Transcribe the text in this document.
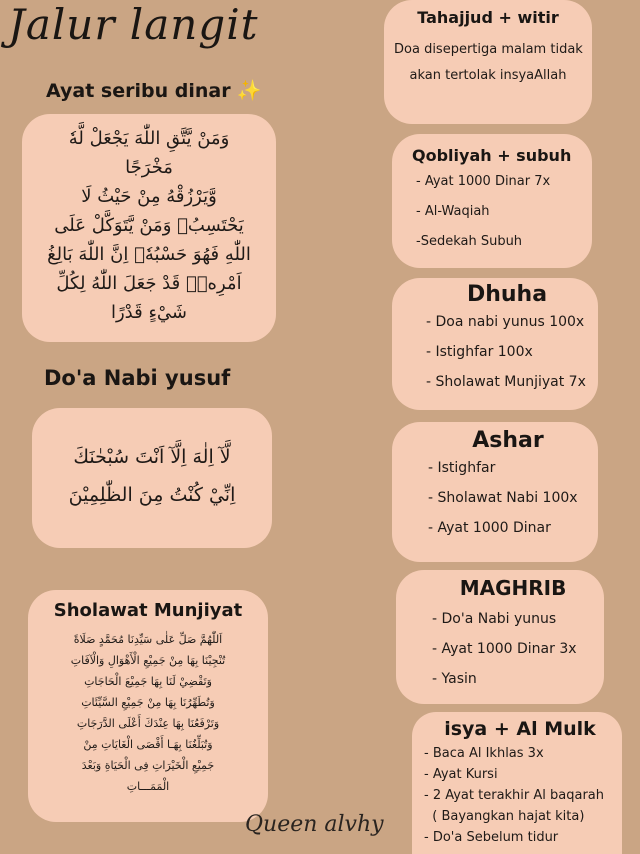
Jalur langit
Ayat seribu dinar ✨
وَمَنْ يَّتَّقِ اللّٰهَ يَجْعَلْ لَّهٗ
مَخْرَجًا
وَّيَرْزُقْهُ مِنْ حَيْثُ لَا
يَحْتَسِبُۗ وَمَنْ يَّتَوَكَّلْ عَلَى
اللّٰهِ فَهُوَ حَسْبُهٗۗ اِنَّ اللّٰهَ بَالِغُ
اَمْرِهٖۗ قَدْ جَعَلَ اللّٰهُ لِكُلِّ
شَيْءٍ قَدْرًا
Do'a Nabi yusuf
لَّآ اِلٰهَ اِلَّآ اَنْتَ سُبْحٰنَكَ
اِنِّيْ كُنْتُ مِنَ الظّٰلِمِيْنَ
Sholawat Munjiyat
اَللّٰهُمَّ صَلِّ عَلٰى سَيِّدِنَا مُحَمَّدٍ صَلَاةً
تُنْجِيْنَا بِهَا مِنْ جَمِيْعِ الْأَهْوَالِ وَالْآفَاتِ
وَتَقْضِيْ لَنَا بِهَا جَمِيْعَ الْحَاجَاتِ
وَتُطَهِّرُنَا بِهَا مِنْ جَمِيْعِ السَّيِّئَاتِ
وَتَرْفَعُنَا بِهَا عِنْدَكَ أَعْلَى الدَّرَجَاتِ
وَتُبَلِّغُنَا بِهَـا أَقْصَى الْغَايَاتِ مِنْ
جَمِيْعِ الْخَيْرَاتِ فِى الْحَيَاةِ وَبَعْدَ
الْمَمَـــاتِ
Tahajjud + witir
Doa disepertiga malam tidak
akan tertolak insyaAllah
Qobliyah + subuh
- Ayat 1000 Dinar 7x
- Al-Waqiah
-Sedekah Subuh
Dhuha
- Doa nabi yunus 100x
- Istighfar 100x
- Sholawat Munjiyat 7x
Ashar
- Istighfar
- Sholawat Nabi 100x
- Ayat 1000 Dinar
MAGHRIB
- Do'a Nabi yunus
- Ayat 1000 Dinar 3x
- Yasin
isya + Al Mulk
- Baca Al Ikhlas 3x
- Ayat Kursi
- 2 Ayat terakhir Al baqarah
( Bayangkan hajat kita)
- Do'a Sebelum tidur
Queen alvhy
